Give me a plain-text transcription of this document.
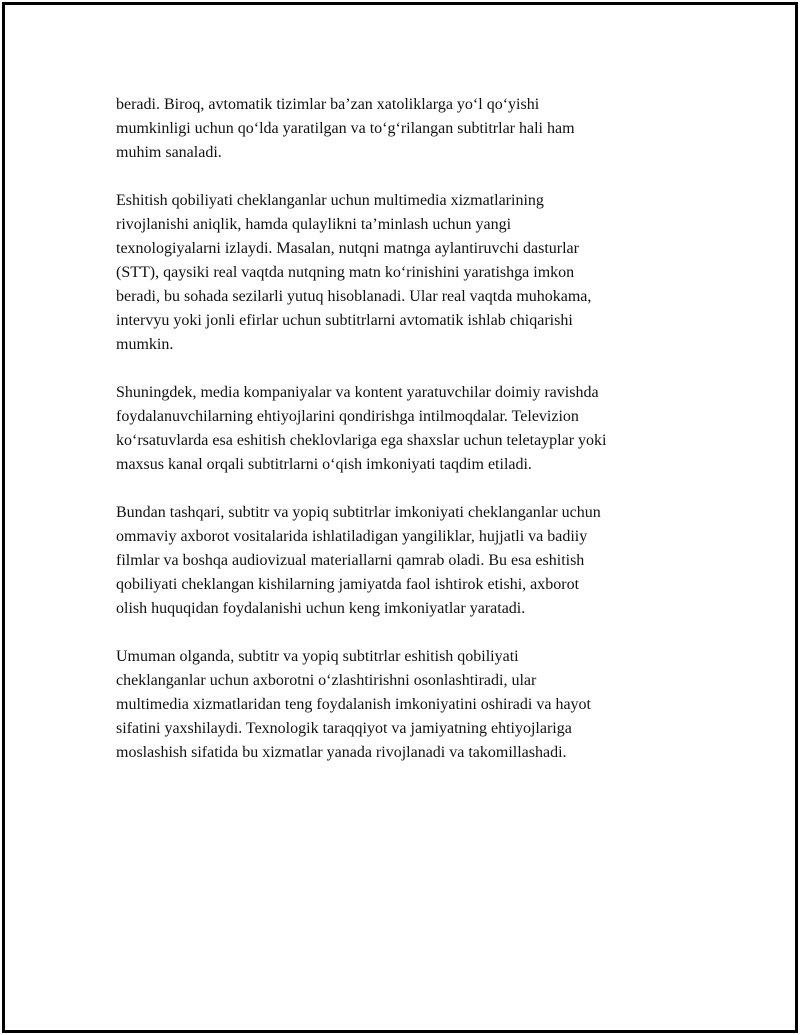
beradi. Biroq, avtomatik tizimlar ba’zan xatoliklarga yo‘l qo‘yishi
mumkinligi uchun qo‘lda yaratilgan va to‘g‘rilangan subtitrlar hali ham
muhim sanaladi.

Eshitish qobiliyati cheklanganlar uchun multimedia xizmatlarining
rivojlanishi aniqlik, hamda qulaylikni ta’minlash uchun yangi
texnologiyalarni izlaydi. Masalan, nutqni matnga aylantiruvchi dasturlar
(STT), qaysiki real vaqtda nutqning matn ko‘rinishini yaratishga imkon
beradi, bu sohada sezilarli yutuq hisoblanadi. Ular real vaqtda muhokama,
intervyu yoki jonli efirlar uchun subtitrlarni avtomatik ishlab chiqarishi
mumkin.

Shuningdek, media kompaniyalar va kontent yaratuvchilar doimiy ravishda
foydalanuvchilarning ehtiyojlarini qondirishga intilmoqdalar. Televizion
ko‘rsatuvlarda esa eshitish cheklovlariga ega shaxslar uchun teletayplar yoki
maxsus kanal orqali subtitrlarni o‘qish imkoniyati taqdim etiladi.

Bundan tashqari, subtitr va yopiq subtitrlar imkoniyati cheklanganlar uchun
ommaviy axborot vositalarida ishlatiladigan yangiliklar, hujjatli va badiiy
filmlar va boshqa audiovizual materiallarni qamrab oladi. Bu esa eshitish
qobiliyati cheklangan kishilarning jamiyatda faol ishtirok etishi, axborot
olish huquqidan foydalanishi uchun keng imkoniyatlar yaratadi.

Umuman olganda, subtitr va yopiq subtitrlar eshitish qobiliyati
cheklanganlar uchun axborotni o‘zlashtirishni osonlashtiradi, ular
multimedia xizmatlaridan teng foydalanish imkoniyatini oshiradi va hayot
sifatini yaxshilaydi. Texnologik taraqqiyot va jamiyatning ehtiyojlariga
moslashish sifatida bu xizmatlar yanada rivojlanadi va takomillashadi.
